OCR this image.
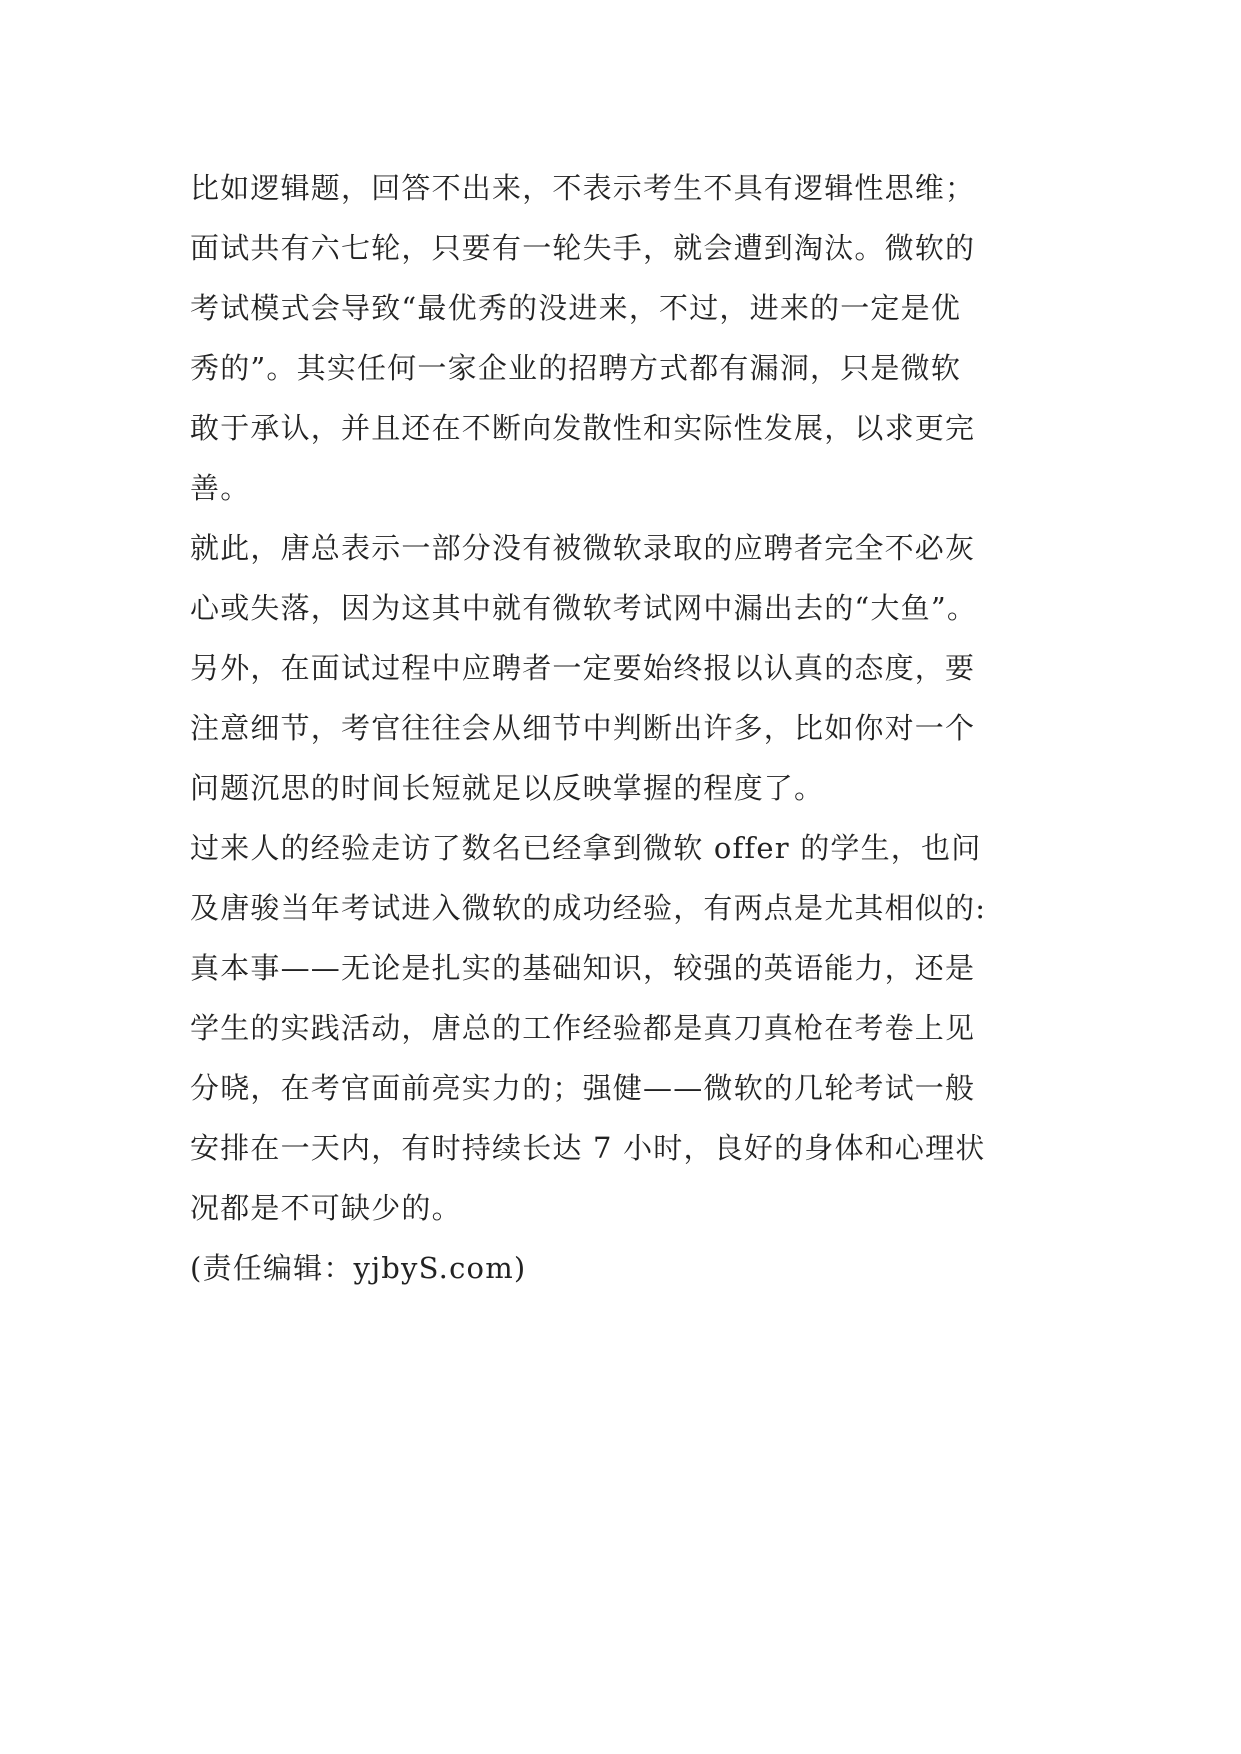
比如逻辑题，回答不出来，不表示考生不具有逻辑性思维；
面试共有六七轮，只要有一轮失手，就会遭到淘汰。微软的
考试模式会导致“最优秀的没进来，不过，进来的一定是优
秀的”。其实任何一家企业的招聘方式都有漏洞，只是微软
敢于承认，并且还在不断向发散性和实际性发展，以求更完
善。
就此，唐总表示一部分没有被微软录取的应聘者完全不必灰
心或失落，因为这其中就有微软考试网中漏出去的“大鱼”。
另外，在面试过程中应聘者一定要始终报以认真的态度，要
注意细节，考官往往会从细节中判断出许多，比如你对一个
问题沉思的时间长短就足以反映掌握的程度了。
过来人的经验走访了数名已经拿到微软 offer 的学生，也问
及唐骏当年考试进入微软的成功经验，有两点是尤其相似的:
真本事——无论是扎实的基础知识，较强的英语能力，还是
学生的实践活动，唐总的工作经验都是真刀真枪在考卷上见
分晓，在考官面前亮实力的；强健——微软的几轮考试一般
安排在一天内，有时持续长达 7 小时，良好的身体和心理状
况都是不可缺少的。
(责任编辑：yjbyS.com)
